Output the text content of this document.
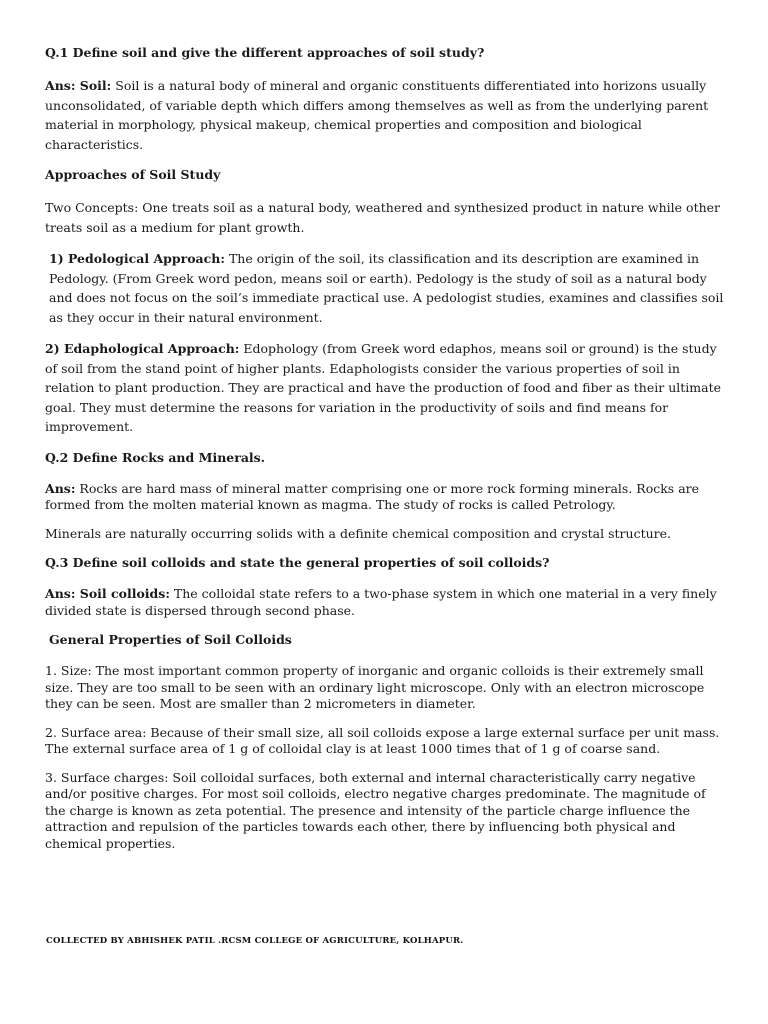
Q.1 Define soil and give the different approaches of soil study?
Ans: Soil: Soil is a natural body of mineral and organic constituents differentiated into horizons usually unconsolidated, of variable depth which differs among themselves as well as from the underlying parent material in morphology, physical makeup, chemical properties and composition and biological characteristics.
Approaches of Soil Study
Two Concepts: One treats soil as a natural body, weathered and synthesized product in nature while other treats soil as a medium for plant growth.
1) Pedological Approach: The origin of the soil, its classification and its description are examined in Pedology. (From Greek word pedon, means soil or earth). Pedology is the study of soil as a natural body and does not focus on the soil’s immediate practical use. A pedologist studies, examines and classifies soil as they occur in their natural environment.
2) Edaphological Approach: Edophology (from Greek word edaphos, means soil or ground) is the study of soil from the stand point of higher plants. Edaphologists consider the various properties of soil in relation to plant production. They are practical and have the production of food and fiber as their ultimate goal. They must determine the reasons for variation in the productivity of soils and find means for improvement.
Q.2 Define Rocks and Minerals.
Ans: Rocks are hard mass of mineral matter comprising one or more rock forming minerals. Rocks are formed from the molten material known as magma. The study of rocks is called Petrology.
Minerals are naturally occurring solids with a definite chemical composition and crystal structure.
Q.3 Define soil colloids and state the general properties of soil colloids?
Ans: Soil colloids: The colloidal state refers to a two-phase system in which one material in a very finely divided state is dispersed through second phase.
General Properties of Soil Colloids
1. Size: The most important common property of inorganic and organic colloids is their extremely small size. They are too small to be seen with an ordinary light microscope. Only with an electron microscope they can be seen. Most are smaller than 2 micrometers in diameter.
2. Surface area: Because of their small size, all soil colloids expose a large external surface per unit mass. The external surface area of 1 g of colloidal clay is at least 1000 times that of 1 g of coarse sand.
3. Surface charges: Soil colloidal surfaces, both external and internal characteristically carry negative and/or positive charges. For most soil colloids, electro negative charges predominate. The magnitude of the charge is known as zeta potential. The presence and intensity of the particle charge influence the attraction and repulsion of the particles towards each other, there by influencing both physical and chemical properties.
COLLECTED BY ABHISHEK PATIL .RCSM COLLEGE OF AGRICULTURE, KOLHAPUR.
